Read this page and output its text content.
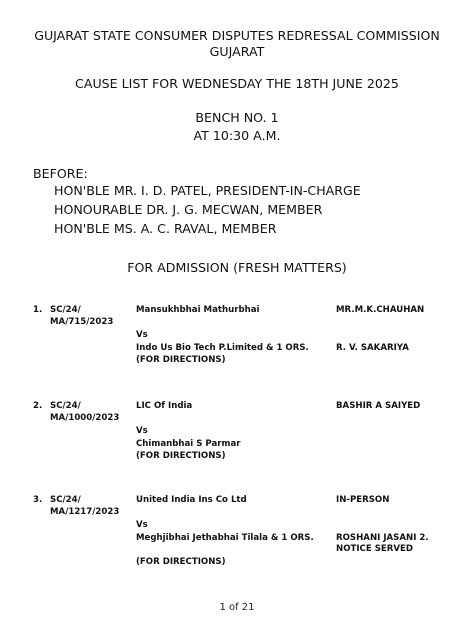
GUJARAT STATE CONSUMER DISPUTES REDRESSAL COMMISSION
GUJARAT
CAUSE LIST FOR WEDNESDAY THE 18TH JUNE 2025
BENCH NO. 1
AT 10:30 A.M.
BEFORE:
HON'BLE MR. I. D. PATEL, PRESIDENT-IN-CHARGE
HONOURABLE DR. J. G. MECWAN, MEMBER
HON'BLE MS. A. C. RAVAL, MEMBER
FOR ADMISSION (FRESH MATTERS)
1. SC/24/
MA/715/2023
Mansukhbhai Mathurbhai
Vs
Indo Us Bio Tech P.Limited & 1 ORS.
(FOR DIRECTIONS)
MR.M.K.CHAUHAN
R. V. SAKARIYA
2. SC/24/
MA/1000/2023
LIC Of India
Vs
Chimanbhai S Parmar
(FOR DIRECTIONS)
BASHIR A SAIYED
3. SC/24/
MA/1217/2023
United India Ins Co Ltd
Vs
Meghjibhai Jethabhai Tilala & 1 ORS.
(FOR DIRECTIONS)
IN-PERSON
ROSHANI JASANI 2.
NOTICE SERVED
1 of 21
